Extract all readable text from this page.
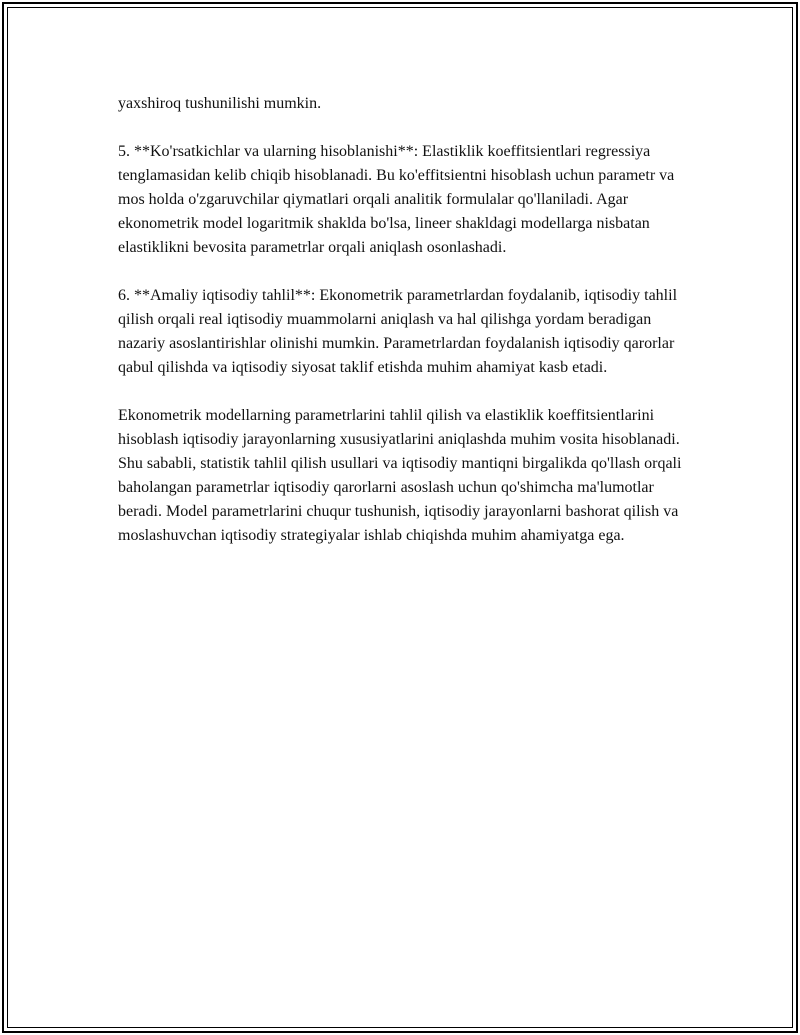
yaxshiroq tushunilishi mumkin.

5. **Ko'rsatkichlar va ularning hisoblanishi**: Elastiklik koeffitsientlari regressiya tenglamasidan kelib chiqib hisoblanadi. Bu ko'effitsientni hisoblash uchun parametr va mos holda o'zgaruvchilar qiymatlari orqali analitik formulalar qo'llaniladi. Agar ekonometrik model logaritmik shaklda bo'lsa, lineer shakldagi modellarga nisbatan elastiklikni bevosita parametrlar orqali aniqlash osonlashadi.

6. **Amaliy iqtisodiy tahlil**: Ekonometrik parametrlardan foydalanib, iqtisodiy tahlil qilish orqali real iqtisodiy muammolarni aniqlash va hal qilishga yordam beradigan nazariy asoslantirishlar olinishi mumkin. Parametrlardan foydalanish iqtisodiy qarorlar qabul qilishda va iqtisodiy siyosat taklif etishda muhim ahamiyat kasb etadi.

Ekonometrik modellarning parametrlarini tahlil qilish va elastiklik koeffitsientlarini hisoblash iqtisodiy jarayonlarning xususiyatlarini aniqlashda muhim vosita hisoblanadi. Shu sababli, statistik tahlil qilish usullari va iqtisodiy mantiqni birgalikda qo'llash orqali baholangan parametrlar iqtisodiy qarorlarni asoslash uchun qo'shimcha ma'lumotlar beradi. Model parametrlarini chuqur tushunish, iqtisodiy jarayonlarni bashorat qilish va moslashuvchan iqtisodiy strategiyalar ishlab chiqishda muhim ahamiyatga ega.
